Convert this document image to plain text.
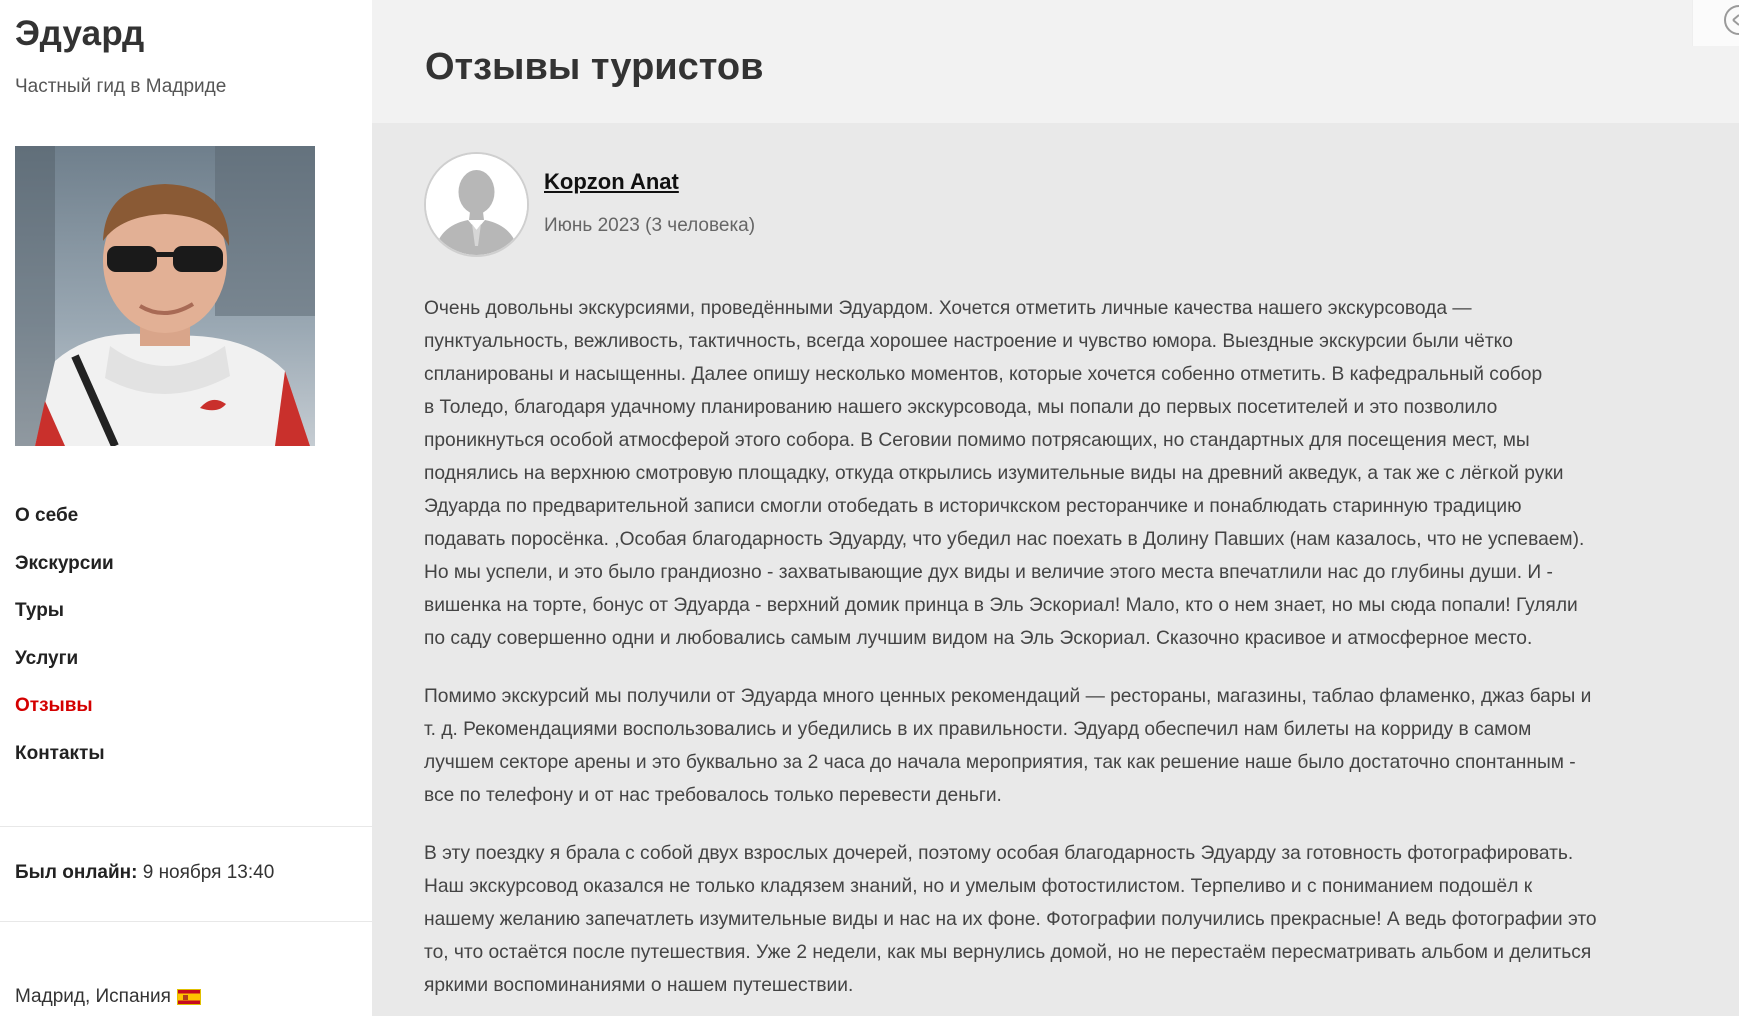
Эдуард
Частный гид в Мадриде
О себе
Экскурсии
Туры
Услуги
Отзывы
Контакты
Был онлайн: 9 ноября 13:40
Мадрид, Испания
Отзывы туристов
Kopzon Anat
Июнь 2023 (3 человека)

Очень довольны экскурсиями, проведёнными Эдуардом. Хочется отметить личные качества нашего экскурсовода —
пунктуальность, вежливость, тактичность, всегда хорошее настроение и чувство юмора. Выездные экскурсии были чётко
спланированы и насыщенны. Далее опишу несколько моментов, которые хочется собенно отметить. В кафедральный собор
в Толедо, благодаря удачному планированию нашего экскурсовода, мы попали до первых посетителей и это позволило
проникнуться особой атмосферой этого собора. В Сеговии помимо потрясающих, но стандартных для посещения мест, мы
поднялись на верхнюю смотровую площадку, откуда открылись изумительные виды на древний акведук, а так же с лёгкой руки
Эдуарда по предварительной записи смогли отобедать в историчкском ресторанчике и понаблюдать старинную традицию
подавать поросёнка. ,Особая благодарность Эдуарду, что убедил нас поехать в Долину Павших (нам казалось, что не успеваем).
Но мы успели, и это было грандиозно - захватывающие дух виды и величие этого места впечатлили нас до глубины души. И -
вишенка на торте, бонус от Эдуарда - верхний домик принца в Эль Эскориал! Мало, кто о нем знает, но мы сюда попали! Гуляли
по саду совершенно одни и любовались самым лучшим видом на Эль Эскориал. Сказочно красивое и атмосферное место.

Помимо экскурсий мы получили от Эдуарда много ценных рекомендаций — рестораны, магазины, таблао фламенко, джаз бары и
т. д. Рекомендациями воспользовались и убедились в их правильности. Эдуард обеспечил нам билеты на корриду в самом
лучшем секторе арены и это буквально за 2 часа до начала мероприятия, так как решение наше было достаточно спонтанным -
все по телефону и от нас требовалось только перевести деньги.

В эту поездку я брала с собой двух взрослых дочерей, поэтому особая благодарность Эдуарду за готовность фотографировать.
Наш экскурсовод оказался не только кладязем знаний, но и умелым фотостилистом. Терпеливо и с пониманием подошёл к
нашему желанию запечатлеть изумительные виды и нас на их фоне. Фотографии получились прекрасные! А ведь фотографии это
то, что остаётся после путешествия. Уже 2 недели, как мы вернулись домой, но не перестаём пересматривать альбом и делиться
яркими воспоминаниями о нашем путешествии.
